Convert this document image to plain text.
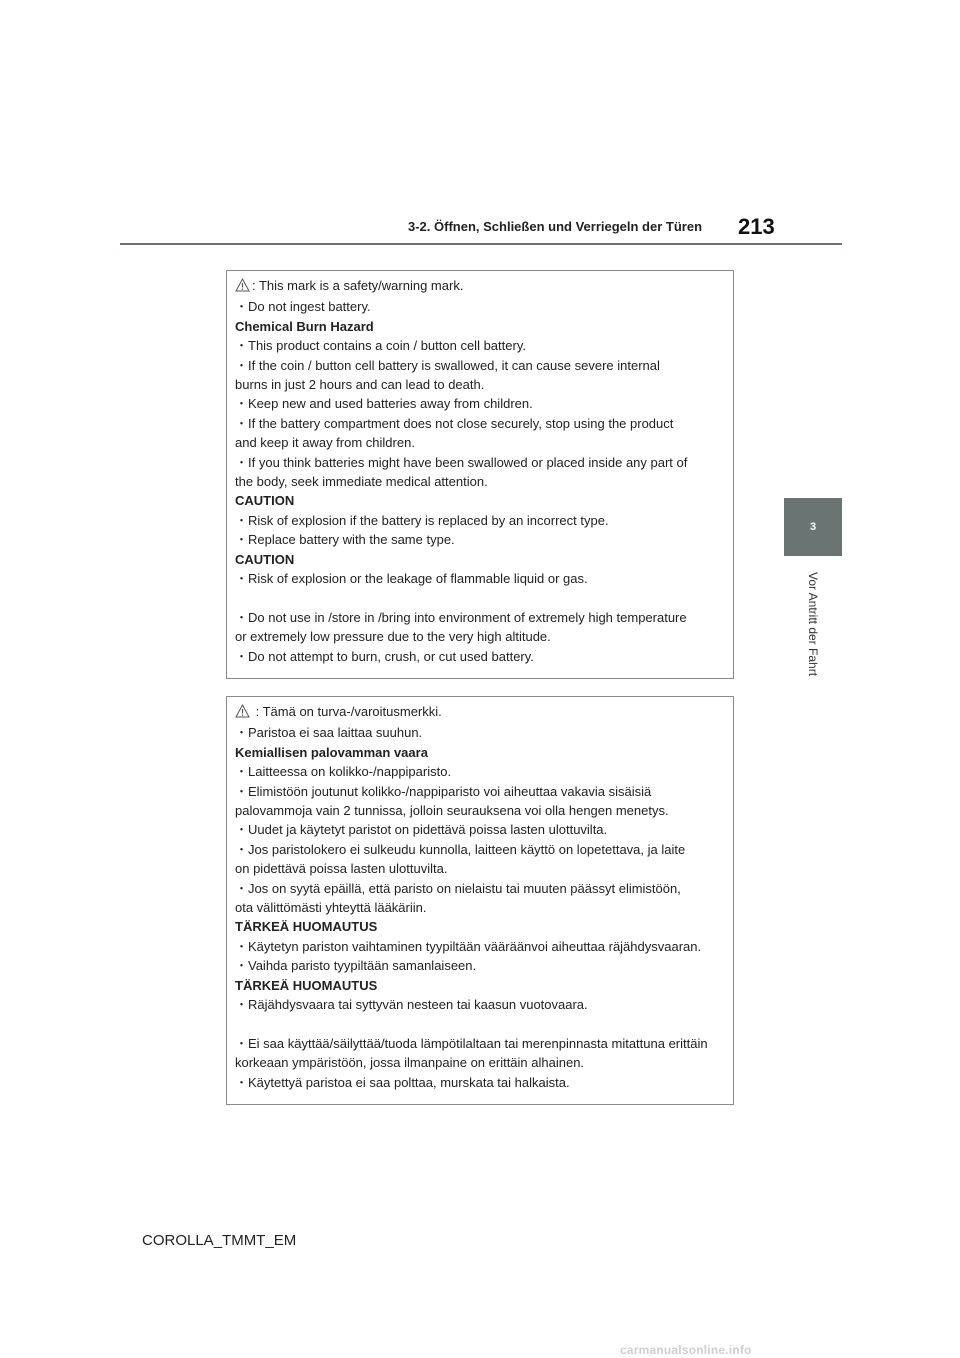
3-2. Öffnen, Schließen und Verriegeln der Türen 213
3
Vor Antritt der Fahrt
: This mark is a safety/warning mark.
・Do not ingest battery.
Chemical Burn Hazard
・This product contains a coin / button cell battery.
・If the coin / button cell battery is swallowed, it can cause severe internal
burns in just 2 hours and can lead to death.
・Keep new and used batteries away from children.
・If the battery compartment does not close securely, stop using the product
and keep it away from children.
・If you think batteries might have been swallowed or placed inside any part of
the body, seek immediate medical attention.
CAUTION
・Risk of explosion if the battery is replaced by an incorrect type.
・Replace battery with the same type.
CAUTION
・Risk of explosion or the leakage of flammable liquid or gas.
・Do not use in /store in /bring into environment of extremely high temperature
or extremely low pressure due to the very high altitude.
・Do not attempt to burn, crush, or cut used battery.
: Tämä on turva-/varoitusmerkki.
・Paristoa ei saa laittaa suuhun.
Kemiallisen palovamman vaara
・Laitteessa on kolikko-/nappiparisto.
・Elimistöön joutunut kolikko-/nappiparisto voi aiheuttaa vakavia sisäisiä
palovammoja vain 2 tunnissa, jolloin seurauksena voi olla hengen menetys.
・Uudet ja käytetyt paristot on pidettävä poissa lasten ulottuvilta.
・Jos paristolokero ei sulkeudu kunnolla, laitteen käyttö on lopetettava, ja laite
on pidettävä poissa lasten ulottuvilta.
・Jos on syytä epäillä, että paristo on nielaistu tai muuten päässyt elimistöön,
ota välittömästi yhteyttä lääkäriin.
TÄRKEÄ HUOMAUTUS
・Käytetyn pariston vaihtaminen tyypiltään vääräänvoi aiheuttaa räjähdysvaaran.
・Vaihda paristo tyypiltään samanlaiseen.
TÄRKEÄ HUOMAUTUS
・Räjähdysvaara tai syttyvän nesteen tai kaasun vuotovaara.
・Ei saa käyttää/säilyttää/tuoda lämpötilaltaan tai merenpinnasta mitattuna erittäin
korkeaan ympäristöön, jossa ilmanpaine on erittäin alhainen.
・Käytettyä paristoa ei saa polttaa, murskata tai halkaista.
COROLLA_TMMT_EM
carmanualsonline.info
